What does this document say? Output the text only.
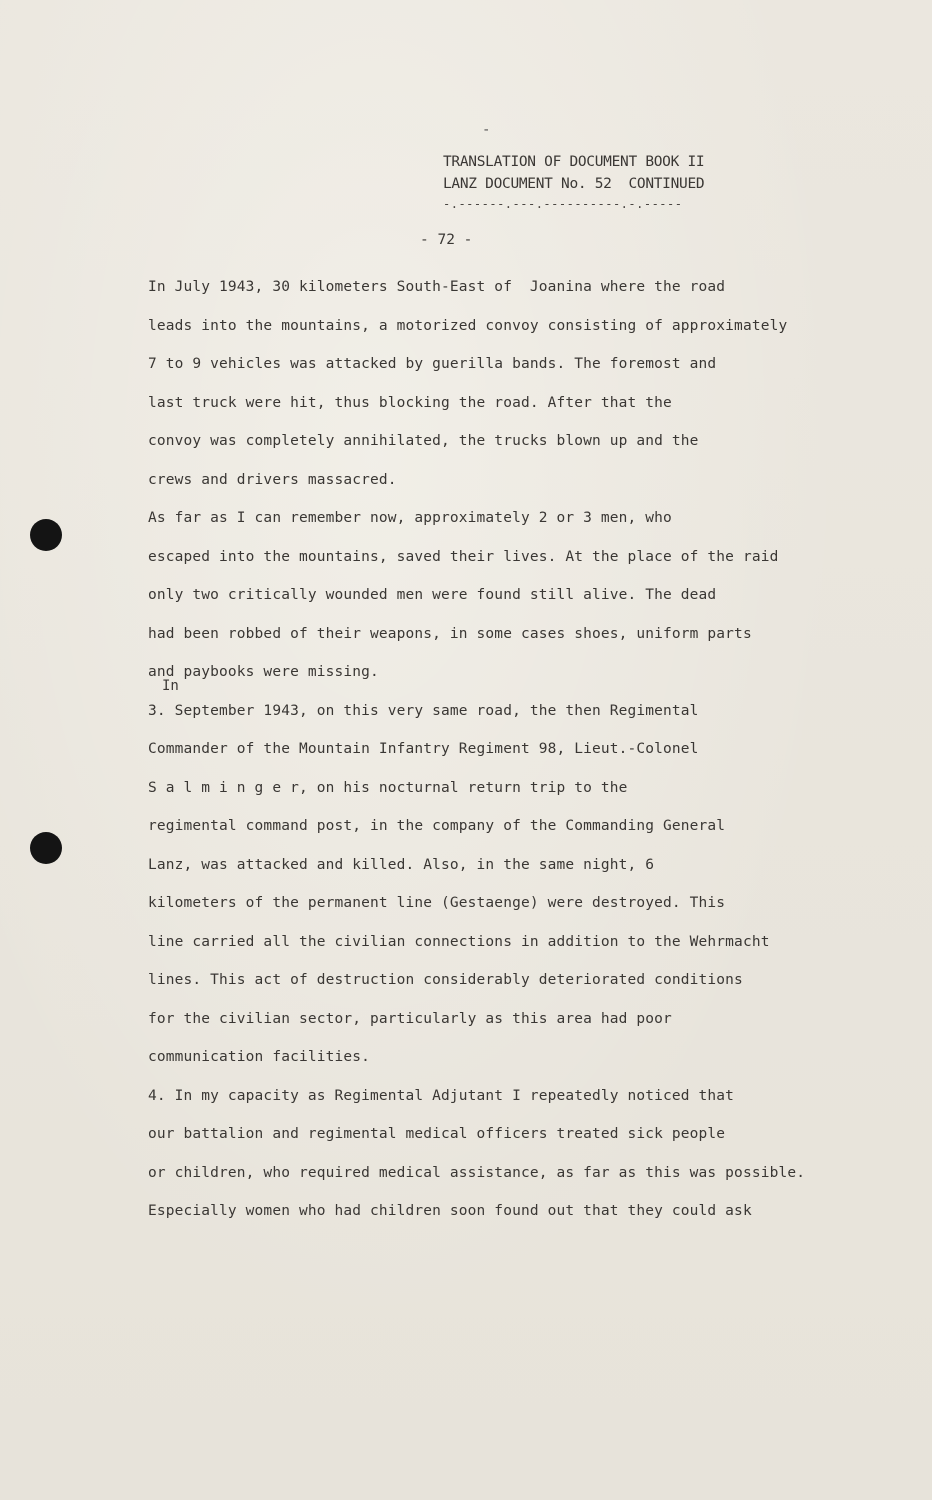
-
TRANSLATION OF DOCUMENT BOOK II
LANZ DOCUMENT No. 52  CONTINUED
-.------.---.----------.-.-----
- 72 -
In
In July 1943, 30 kilometers South-East of  Joanina where the road
leads into the mountains, a motorized convoy consisting of approximately
7 to 9 vehicles was attacked by guerilla bands. The foremost and
last truck were hit, thus blocking the road. After that the
convoy was completely annihilated, the trucks blown up and the
crews and drivers massacred.
As far as I can remember now, approximately 2 or 3 men, who
escaped into the mountains, saved their lives. At the place of the raid
only two critically wounded men were found still alive. The dead
had been robbed of their weapons, in some cases shoes, uniform parts
and paybooks were missing.
3. September 1943, on this very same road, the then Regimental
Commander of the Mountain Infantry Regiment 98, Lieut.-Colonel
S a l m i n g e r, on his nocturnal return trip to the
regimental command post, in the company of the Commanding General
Lanz, was attacked and killed. Also, in the same night, 6
kilometers of the permanent line (Gestaenge) were destroyed. This
line carried all the civilian connections in addition to the Wehrmacht
lines. This act of destruction considerably deteriorated conditions
for the civilian sector, particularly as this area had poor
communication facilities.
4. In my capacity as Regimental Adjutant I repeatedly noticed that
our battalion and regimental medical officers treated sick people
or children, who required medical assistance, as far as this was possible.
Especially women who had children soon found out that they could ask
